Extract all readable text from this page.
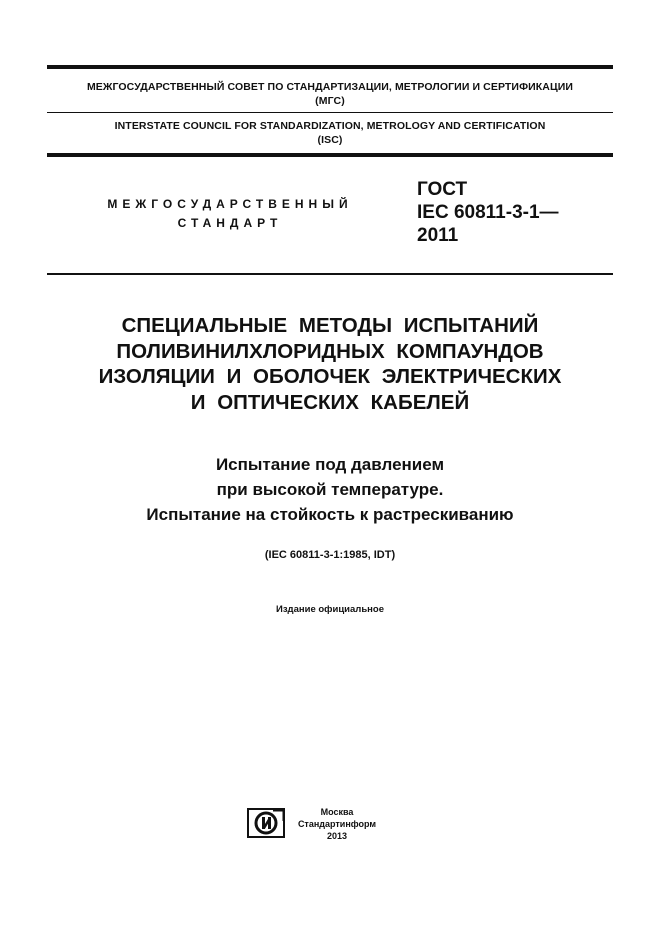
МЕЖГОСУДАРСТВЕННЫЙ СОВЕТ ПО СТАНДАРТИЗАЦИИ, МЕТРОЛОГИИ И СЕРТИФИКАЦИИ
(МГС)
INTERSTATE COUNCIL FOR STANDARDIZATION, METROLOGY AND CERTIFICATION
(ISC)
МЕЖГОСУДАРСТВЕННЫЙ
СТАНДАРТ
ГОСТ
IEC 60811-3-1—
2011
СПЕЦИАЛЬНЫЕ МЕТОДЫ ИСПЫТАНИЙ
ПОЛИВИНИЛХЛОРИДНЫХ КОМПАУНДОВ
ИЗОЛЯЦИИ И ОБОЛОЧЕК ЭЛЕКТРИЧЕСКИХ
И ОПТИЧЕСКИХ КАБЕЛЕЙ
Испытание под давлением
при высокой температуре.
Испытание на стойкость к растрескиванию
(IEC 60811-3-1:1985, IDT)
Издание официальное
Москва
Стандартинформ
2013
